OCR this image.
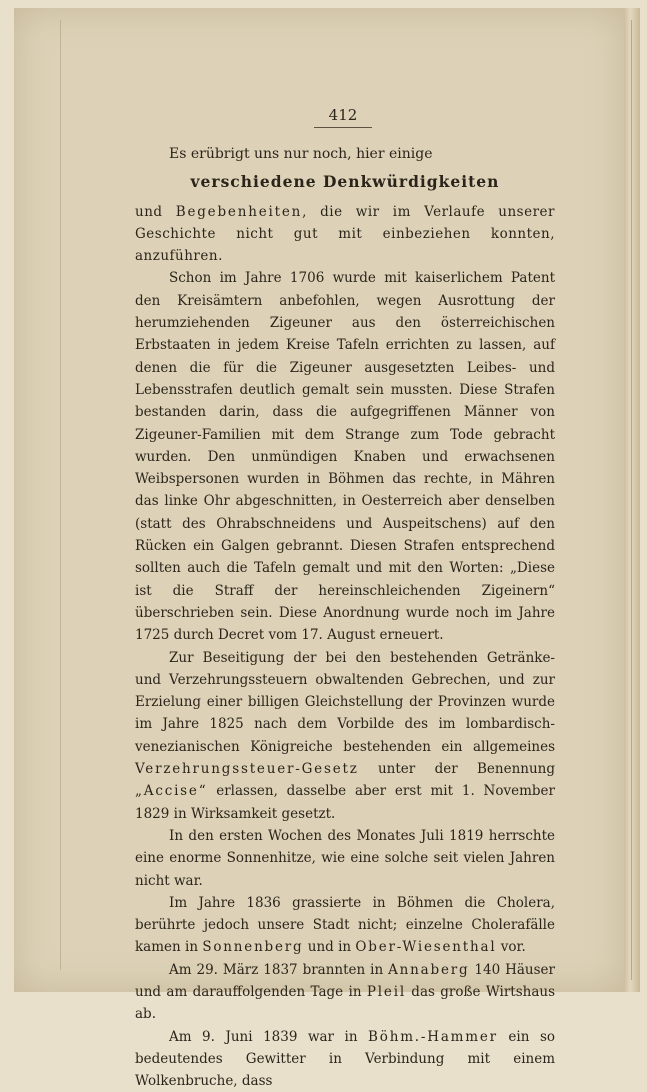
412

Es erübrigt uns nur noch, hier einige

verschiedene Denkwürdigkeiten

und Begebenheiten, die wir im Verlaufe unserer Geschichte nicht gut mit einbeziehen konnten, anzuführen.

Schon im Jahre 1706 wurde mit kaiserlichem Patent den Kreisämtern anbefohlen, wegen Ausrottung der herumziehenden Zigeuner aus den österreichischen Erbstaaten in jedem Kreise Tafeln errichten zu lassen, auf denen die für die Zigeuner ausgesetzten Leibes- und Lebensstrafen deutlich gemalt sein mussten. Diese Strafen bestanden darin, dass die aufgegriffenen Männer von Zigeuner-Familien mit dem Strange zum Tode gebracht wurden. Den unmündigen Knaben und erwachsenen Weibspersonen wurden in Böhmen das rechte, in Mähren das linke Ohr abgeschnitten, in Oesterreich aber denselben (statt des Ohrabschneidens und Auspeitschens) auf den Rücken ein Galgen gebrannt. Diesen Strafen entsprechend sollten auch die Tafeln gemalt und mit den Worten: „Diese ist die Straff der hereinschleichenden Zigeinern“ überschrieben sein. Diese Anordnung wurde noch im Jahre 1725 durch Decret vom 17. August erneuert.

Zur Beseitigung der bei den bestehenden Getränke- und Verzehrungssteuern obwaltenden Gebrechen, und zur Erzielung einer billigen Gleichstellung der Provinzen wurde im Jahre 1825 nach dem Vorbilde des im lombardisch-venezianischen Königreiche bestehenden ein allgemeines Verzehrungssteuer-Gesetz unter der Benennung „Accise“ erlassen, dasselbe aber erst mit 1. November 1829 in Wirksamkeit gesetzt.

In den ersten Wochen des Monates Juli 1819 herrschte eine enorme Sonnenhitze, wie eine solche seit vielen Jahren nicht war.

Im Jahre 1836 grassierte in Böhmen die Cholera, berührte jedoch unsere Stadt nicht; einzelne Cholerafälle kamen in Sonnenberg und in Ober-Wiesenthal vor.

Am 29. März 1837 brannten in Annaberg 140 Häuser und am darauffolgenden Tage in Pleil das große Wirtshaus ab.

Am 9. Juni 1839 war in Böhm.-Hammer ein so bedeutendes Gewitter in Verbindung mit einem Wolkenbruche, dass
